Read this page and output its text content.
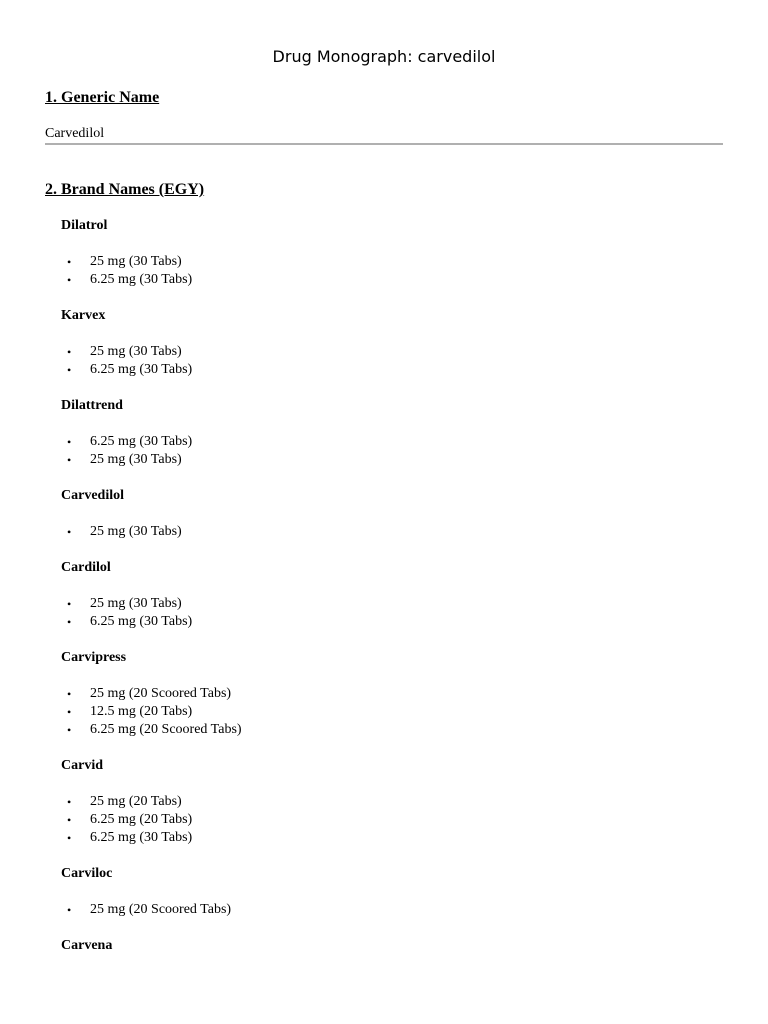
Drug Monograph: carvedilol
1. Generic Name
Carvedilol
2. Brand Names (EGY)
Dilatrol
• 25 mg (30 Tabs)
• 6.25 mg (30 Tabs)
Karvex
• 25 mg (30 Tabs)
• 6.25 mg (30 Tabs)
Dilattrend
• 6.25 mg (30 Tabs)
• 25 mg (30 Tabs)
Carvedilol
• 25 mg (30 Tabs)
Cardilol
• 25 mg (30 Tabs)
• 6.25 mg (30 Tabs)
Carvipress
• 25 mg (20 Scoored Tabs)
• 12.5 mg (20 Tabs)
• 6.25 mg (20 Scoored Tabs)
Carvid
• 25 mg (20 Tabs)
• 6.25 mg (20 Tabs)
• 6.25 mg (30 Tabs)
Carviloc
• 25 mg (20 Scoored Tabs)
Carvena
